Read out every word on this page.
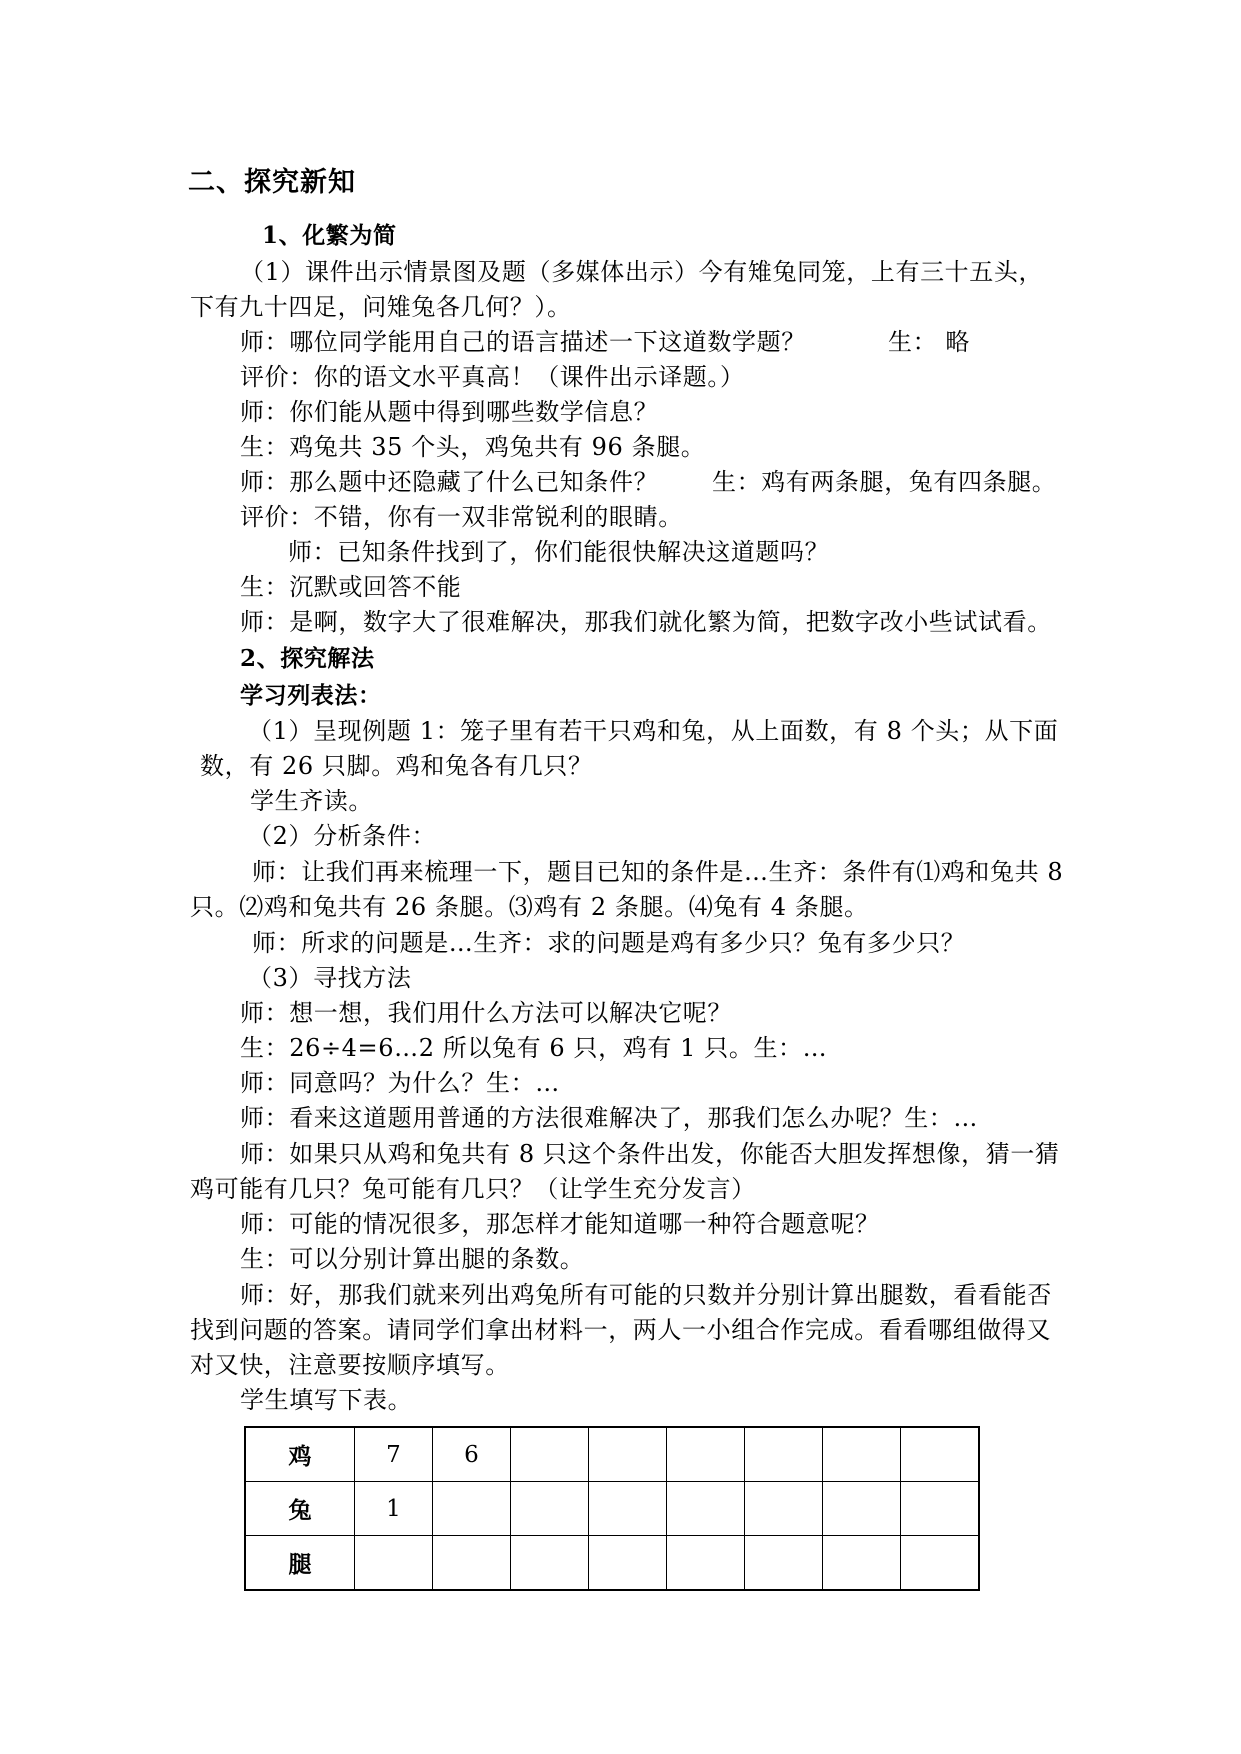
二、探究新知
1、化繁为简
（1）课件出示情景图及题（多媒体出示）今有雉兔同笼，上有三十五头，
下有九十四足，问雉兔各几何？）。
师：哪位同学能用自己的语言描述一下这道数学题？	生： 略
评价：你的语文水平真高！（课件出示译题。）
师：你们能从题中得到哪些数学信息？
生：鸡兔共 35 个头，鸡兔共有 96 条腿。
师：那么题中还隐藏了什么已知条件？ 生：鸡有两条腿，兔有四条腿。
评价：不错，你有一双非常锐利的眼睛。
师：已知条件找到了，你们能很快解决这道题吗？
生：沉默或回答不能
师：是啊，数字大了很难解决，那我们就化繁为简，把数字改小些试试看。
2、探究解法
学习列表法：
（1）呈现例题 1：笼子里有若干只鸡和兔，从上面数，有 8 个头；从下面
数，有 26 只脚。鸡和兔各有几只？
学生齐读。
（2）分析条件：
师：让我们再来梳理一下，题目已知的条件是…生齐：条件有⑴鸡和兔共 8
只。⑵鸡和兔共有 26 条腿。⑶鸡有 2 条腿。⑷兔有 4 条腿。
师：所求的问题是…生齐：求的问题是鸡有多少只？兔有多少只？
（3）寻找方法
师：想一想，我们用什么方法可以解决它呢？
生：26÷4=6…2 所以兔有 6 只，鸡有 1 只。生：…
师：同意吗？为什么？生：…
师：看来这道题用普通的方法很难解决了，那我们怎么办呢？生：…
师：如果只从鸡和兔共有 8 只这个条件出发，你能否大胆发挥想像，猜一猜
鸡可能有几只？兔可能有几只？（让学生充分发言）
师：可能的情况很多，那怎样才能知道哪一种符合题意呢？
生：可以分别计算出腿的条数。
师：好，那我们就来列出鸡兔所有可能的只数并分别计算出腿数，看看能否
找到问题的答案。请同学们拿出材料一，两人一小组合作完成。看看哪组做得又
对又快，注意要按顺序填写。
学生填写下表。
鸡	7	6						
兔	1							
腿								
